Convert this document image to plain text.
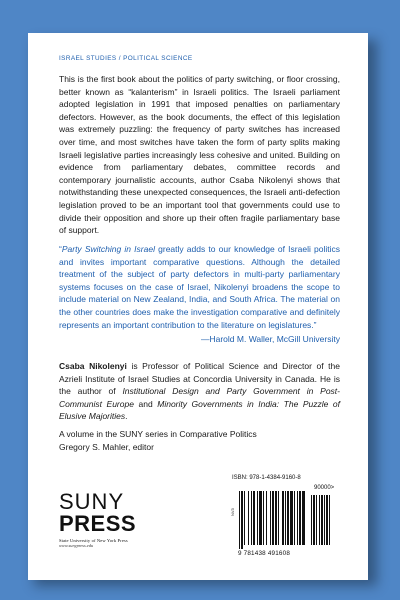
ISRAEL STUDIES / POLITICAL SCIENCE

This is the first book about the politics of party switching, or floor crossing, better known as “kalanterism” in Israeli politics. The Israeli parliament adopted legislation in 1991 that imposed penalties on parliamentary defectors. However, as the book documents, the effect of this legislation was extremely puzzling: the frequency of party switches has increased over time, and most switches have taken the form of party splits making Israeli legislative parties increasingly less cohesive and united. Building on evidence from parliamentary debates, committee records and contemporary journalistic accounts, author Csaba Nikolenyi shows that notwithstanding these unexpected consequences, the Israeli anti-defection legislation proved to be an important tool that governments could use to divide their opposition and shore up their often fragile parliamentary base of support.

“Party Switching in Israel greatly adds to our knowledge of Israeli politics and invites important comparative questions. Although the detailed treatment of the subject of party defectors in multi-party parliamentary systems focuses on the case of Israel, Nikolenyi broadens the scope to include material on New Zealand, India, and South Africa. The material on the other countries does make the investigation comparative and definitely represents an important contribution to the literature on legislatures.”

—Harold M. Waller, McGill University

Csaba Nikolenyi is Professor of Political Science and Director of the Azrieli Institute of Israel Studies at Concordia University in Canada. He is the author of Institutional Design and Party Government in Post-Communist Europe and Minority Governments in India: The Puzzle of Elusive Majorities.

A volume in the SUNY series in Comparative Politics
Gregory S. Mahler, editor

SUNY
PRESS
State University of New York Press
www.sunypress.edu
ISBN: 978-1-4384-9160-8
90000>
9 781438 491608
NV3
